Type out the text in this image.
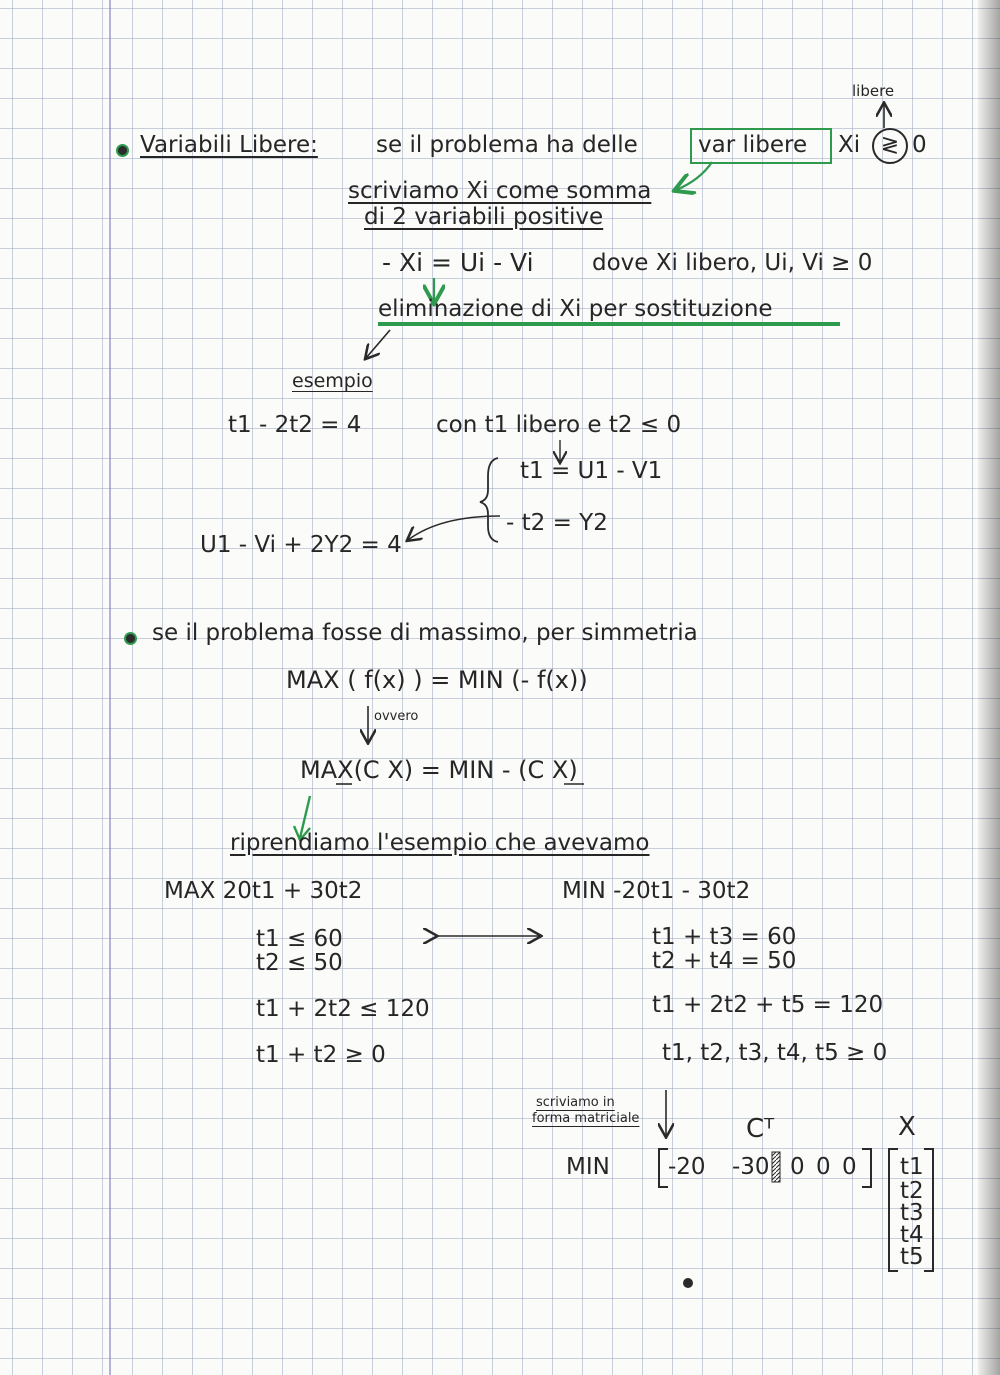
libere
Variabili Libere:	se il problema ha delle	var libere Xi ≷ 0
scriviamo Xi come somma
di 2 variabili positive
- Xi = Ui - Vi	dove Xi libero, Ui, Vi ≥ 0
eliminazione di Xi per sostituzione
esempio
t1 - 2t2 = 4	con t1 libero e t2 ≤ 0
t1 = U1 - V1
- t2 = Y2
U1 - Vi + 2Y2 = 4
se il problema fosse di massimo, per simmetria
MAX ( f(x) ) = MIN (- f(x))
ovvero
MAX(C X) = MIN - (C X)
riprendiamo l'esempio che avevamo
MAX 20t1 + 30t2
t1 ≤ 60
t2 ≤ 50
t1 + 2t2 ≤ 120
t1 + t2 ≥ 0
MIN -20t1 - 30t2
t1 + t3 = 60
t2 + t4 = 50
t1 + 2t2 + t5 = 120
t1, t2, t3, t4, t5 ≥ 0
scriviamo in
forma matriciale	Cᵀ	X
MIN	-20 -30 0 0 0 t1
t2
t3
t4
t5
